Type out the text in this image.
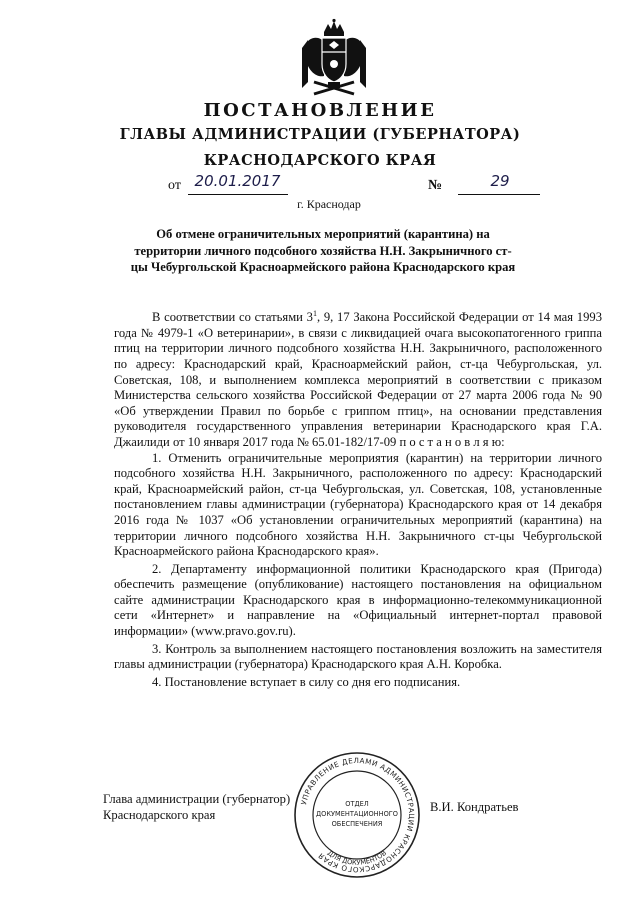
ПОСТАНОВЛЕНИЕ
ГЛАВЫ АДМИНИСТРАЦИИ (ГУБЕРНАТОРА)
КРАСНОДАРСКОГО КРАЯ
от 20.01.2017	№	29
г. Краснодар
Об отмене ограничительных мероприятий (карантина) на территории личного подсобного хозяйства Н.Н. Закрыничного ст-цы Чебургольской Красноармейского района Краснодарского края

В соответствии со статьями $3^1$, 9, 17 Закона Российской Федерации от 14 мая 1993 года № 4979-1 «О ветеринарии», в связи с ликвидацией очага высокопатогенного гриппа птиц на территории личного подсобного хозяйства Н.Н. Закрыничного, расположенного по адресу: Краснодарский край, Красноармейский район, ст-ца Чебургольская, ул. Советская, 108, и выполнением комплекса мероприятий в соответствии с приказом Министерства сельского хозяйства Российской Федерации от 27 марта 2006 года № 90 «Об утверждении Правил по борьбе с гриппом птиц», на основании представления руководителя государственного управления ветеринарии Краснодарского края Г.А. Джаилиди от 10 января 2017 года № 65.01-182/17-09 п о с т а н о в л я ю:

1. Отменить ограничительные мероприятия (карантин) на территории личного подсобного хозяйства Н.Н. Закрыничного, расположенного по адресу: Краснодарский край, Красноармейский район, ст-ца Чебургольская, ул. Советская, 108, установленные постановлением главы администрации (губернатора) Краснодарского края от 14 декабря 2016 года № 1037 «Об установлении ограничительных мероприятий (карантина) на территории личного подсобного хозяйства Н.Н. Закрыничного ст-цы Чебургольской Красноармейского района Краснодарского края».

2. Департаменту информационной политики Краснодарского края (Пригода) обеспечить размещение (опубликование) настоящего постановления на официальном сайте администрации Краснодарского края в информационно-телекоммуникационной сети «Интернет» и направление на «Официальный интернет-портал правовой информации» (www.pravo.gov.ru).

3. Контроль за выполнением настоящего постановления возложить на заместителя главы администрации (губернатора) Краснодарского края А.Н. Коробка.

4. Постановление вступает в силу со дня его подписания.

Глава администрации (губернатор)
Краснодарского края
В.И. Кондратьев
УПРАВЛЕНИЕ ДЕЛАМИ АДМИНИСТРАЦИИ КРАСНОДАРСКОГО КРАЯ
ОТДЕЛ
ДОКУМЕНТАЦИОННОГО
ОБЕСПЕЧЕНИЯ
ДЛЯ ДОКУМЕНТОВ
